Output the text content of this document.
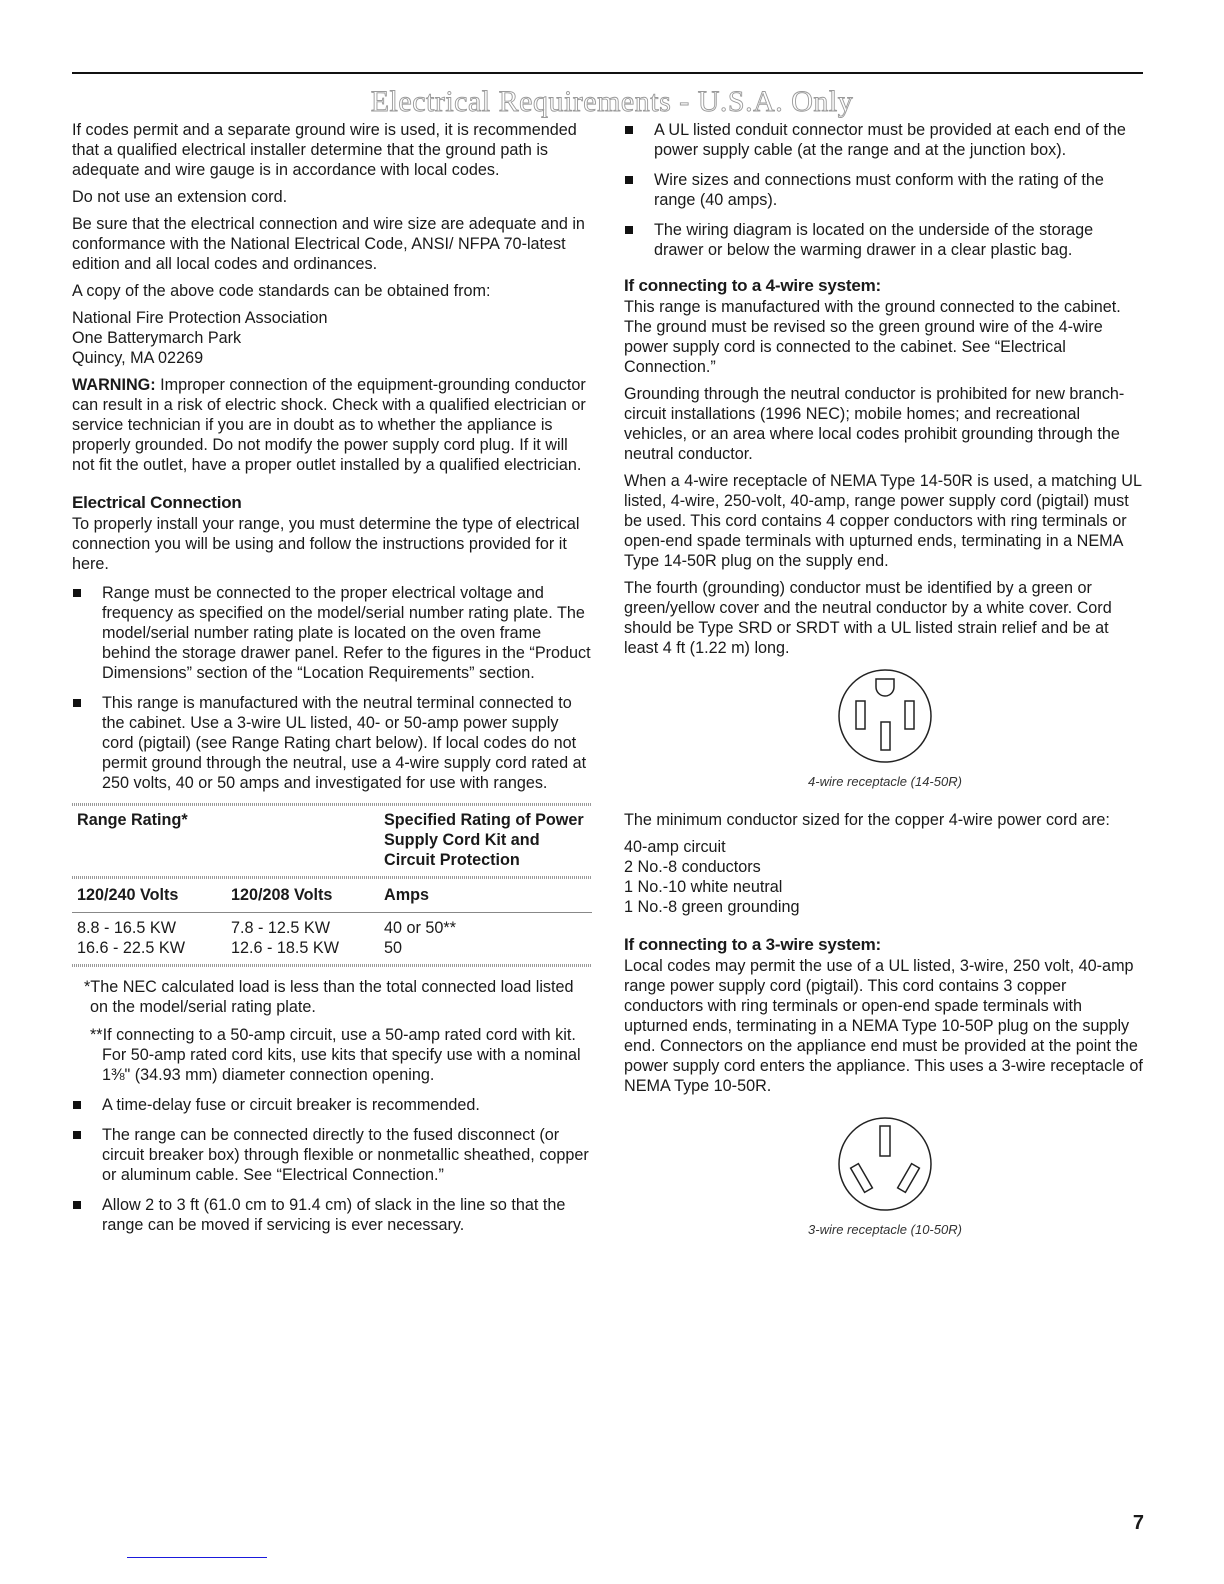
Electrical Requirements - U.S.A. Only

If codes permit and a separate ground wire is used, it is recommended that a qualified electrical installer determine that the ground path is adequate and wire gauge is in accordance with local codes.

Do not use an extension cord.

Be sure that the electrical connection and wire size are adequate and in conformance with the National Electrical Code, ANSI/ NFPA 70-latest edition and all local codes and ordinances.

A copy of the above code standards can be obtained from:

National Fire Protection Association
One Batterymarch Park
Quincy, MA 02269

WARNING: Improper connection of the equipment-grounding conductor can result in a risk of electric shock. Check with a qualified electrician or service technician if you are in doubt as to whether the appliance is properly grounded. Do not modify the power supply cord plug. If it will not fit the outlet, have a proper outlet installed by a qualified electrician.

Electrical Connection

To properly install your range, you must determine the type of electrical connection you will be using and follow the instructions provided for it here.

Range must be connected to the proper electrical voltage and frequency as specified on the model/serial number rating plate. The model/serial number rating plate is located on the oven frame behind the storage drawer panel. Refer to the figures in the “Product Dimensions” section of the “Location Requirements” section.
This range is manufactured with the neutral terminal connected to the cabinet. Use a 3-wire UL listed, 40- or 50-amp power supply cord (pigtail) (see Range Rating chart below). If local codes do not permit ground through the neutral, use a 4-wire supply cord rated at 250 volts, 40 or 50 amps and investigated for use with ranges.
Range Rating*	Specified Rating of Power Supply Cord Kit and Circuit Protection
120/240 Volts	120/208 Volts	Amps
8.8 - 16.5 KW	7.8 - 12.5 KW	40 or 50**
16.6 - 22.5 KW	12.6 - 18.5 KW	50

*The NEC calculated load is less than the total connected load listed on the model/serial rating plate.

**If connecting to a 50-amp circuit, use a 50-amp rated cord with kit. For 50-amp rated cord kits, use kits that specify use with a nominal 1⅜" (34.93 mm) diameter connection opening.

A time-delay fuse or circuit breaker is recommended.
The range can be connected directly to the fused disconnect (or circuit breaker box) through flexible or nonmetallic sheathed, copper or aluminum cable. See “Electrical Connection.”
Allow 2 to 3 ft (61.0 cm to 91.4 cm) of slack in the line so that the range can be moved if servicing is ever necessary.
A UL listed conduit connector must be provided at each end of the power supply cable (at the range and at the junction box).
Wire sizes and connections must conform with the rating of the range (40 amps).
The wiring diagram is located on the underside of the storage drawer or below the warming drawer in a clear plastic bag.
If connecting to a 4-wire system:

This range is manufactured with the ground connected to the cabinet. The ground must be revised so the green ground wire of the 4-wire power supply cord is connected to the cabinet. See “Electrical Connection.”

Grounding through the neutral conductor is prohibited for new branch-circuit installations (1996 NEC); mobile homes; and recreational vehicles, or an area where local codes prohibit grounding through the neutral conductor.

When a 4-wire receptacle of NEMA Type 14-50R is used, a matching UL listed, 4-wire, 250-volt, 40-amp, range power supply cord (pigtail) must be used. This cord contains 4 copper conductors with ring terminals or open-end spade terminals with upturned ends, terminating in a NEMA Type 14-50R plug on the supply end.

The fourth (grounding) conductor must be identified by a green or green/yellow cover and the neutral conductor by a white cover. Cord should be Type SRD or SRDT with a UL listed strain relief and be at least 4 ft (1.22 m) long.

4-wire receptacle (14-50R)

The minimum conductor sized for the copper 4-wire power cord are:

40-amp circuit
2 No.-8 conductors
1 No.-10 white neutral
1 No.-8 green grounding
If connecting to a 3-wire system:

Local codes may permit the use of a UL listed, 3-wire, 250 volt, 40-amp range power supply cord (pigtail). This cord contains 3 copper conductors with ring terminals or open-end spade terminals with upturned ends, terminating in a NEMA Type 10-50P plug on the supply end. Connectors on the appliance end must be provided at the point the power supply cord enters the appliance. This uses a 3-wire receptacle of NEMA Type 10-50R.

3-wire receptacle (10-50R)
7
